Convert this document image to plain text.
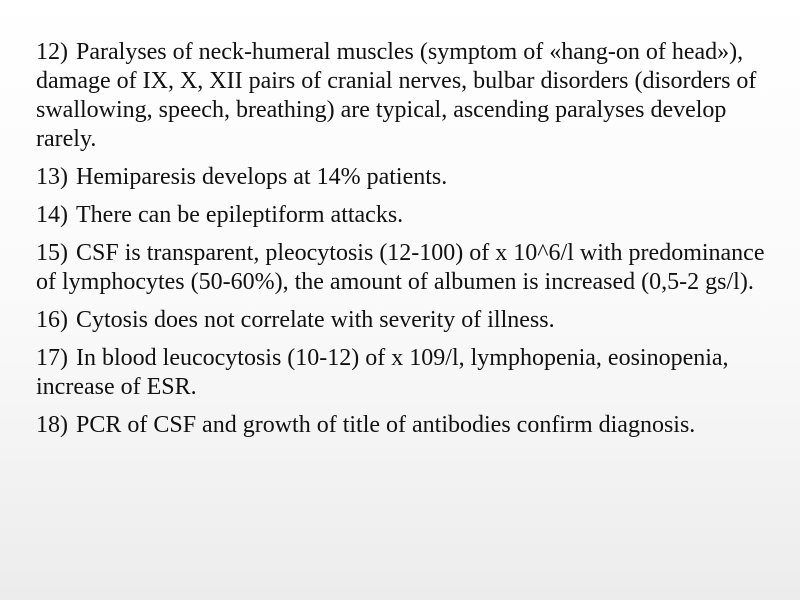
12) Paralyses of neck-humeral muscles (symptom of «hang-on of head»), damage of IX, X, XII pairs of cranial nerves, bulbar disorders (disorders of swallowing, speech, breathing) are typical, ascending paralyses develop rarely.
13) Hemiparesis develops at 14% patients.
14) There can be epileptiform attacks.
15) CSF is transparent, pleocytosis (12-100) of x 10^6/l with predominance of lymphocytes (50-60%), the amount of albumen is increased (0,5-2 gs/l).
16) Cytosis does not correlate with severity of illness.
17) In blood leucocytosis (10-12) of x 109/l, lymphopenia, eosinopenia, increase of ESR.
18) PCR of CSF and growth of title of antibodies confirm diagnosis.
